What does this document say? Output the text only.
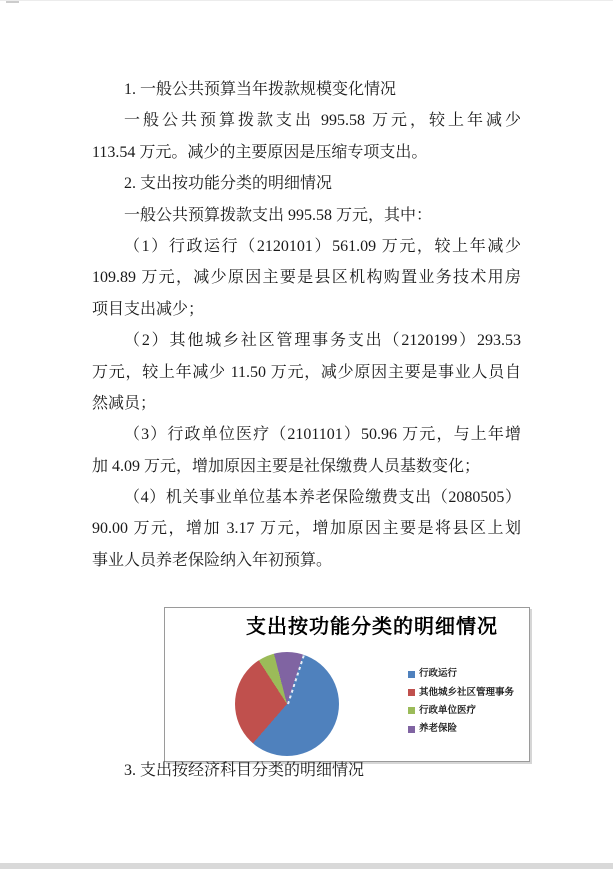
1. 一般公共预算当年拨款规模变化情况
一般公共预算拨款支出 995.58 万元，较上年减少
113.54 万元。减少的主要原因是压缩专项支出。
2. 支出按功能分类的明细情况
一般公共预算拨款支出 995.58 万元，其中：
（1）行政运行（2120101）561.09 万元，较上年减少
109.89 万元，减少原因主要是县区机构购置业务技术用房
项目支出减少；
（2）其他城乡社区管理事务支出（2120199）293.53
万元，较上年减少 11.50 万元，减少原因主要是事业人员自
然减员；
（3）行政单位医疗（2101101）50.96 万元，与上年增
加 4.09 万元，增加原因主要是社保缴费人员基数变化；
（4）机关事业单位基本养老保险缴费支出（2080505）
90.00 万元，增加 3.17 万元，增加原因主要是将县区上划
事业人员养老保险纳入年初预算。
支出按功能分类的明细情况
行政运行
其他城乡社区管理事务
行政单位医疗
养老保险
3. 支出按经济科目分类的明细情况
